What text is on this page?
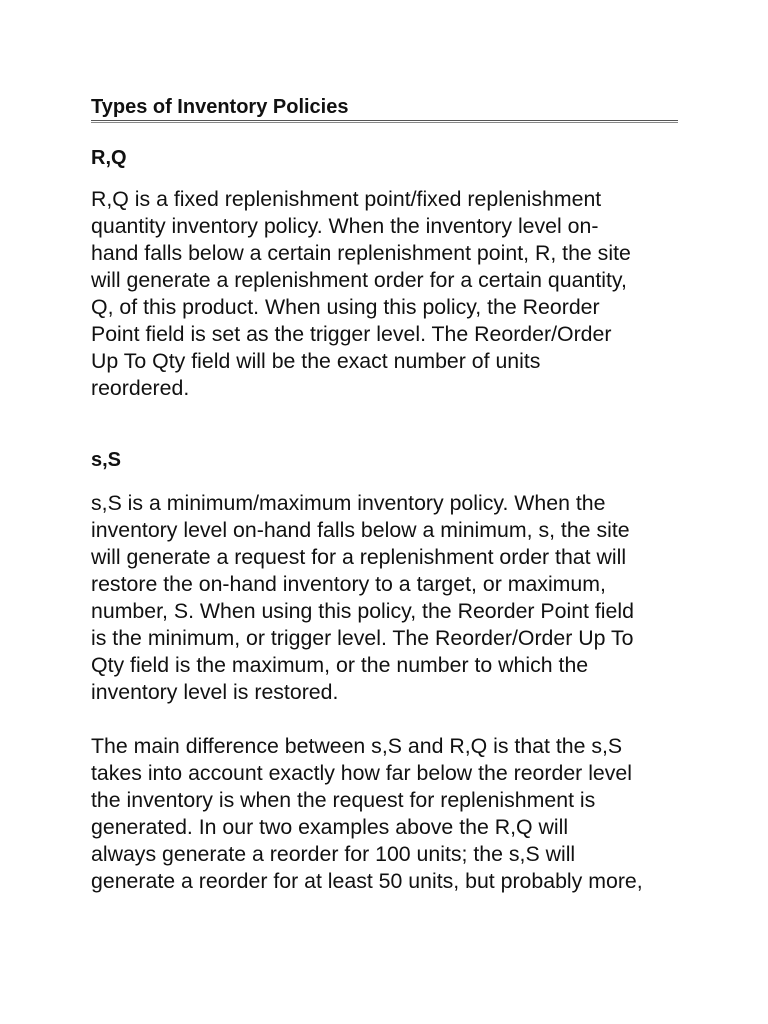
Types of Inventory Policies
R,Q
R,Q is a fixed replenishment point/fixed replenishment
quantity inventory policy. When the inventory level on-
hand falls below a certain replenishment point, R, the site
will generate a replenishment order for a certain quantity,
Q, of this product. When using this policy, the Reorder
Point field is set as the trigger level. The Reorder/Order
Up To Qty field will be the exact number of units
reordered.
s,S
s,S is a minimum/maximum inventory policy. When the
inventory level on-hand falls below a minimum, s, the site
will generate a request for a replenishment order that will
restore the on-hand inventory to a target, or maximum,
number, S. When using this policy, the Reorder Point field
is the minimum, or trigger level. The Reorder/Order Up To
Qty field is the maximum, or the number to which the
inventory level is restored.
The main difference between s,S and R,Q is that the s,S
takes into account exactly how far below the reorder level
the inventory is when the request for replenishment is
generated. In our two examples above the R,Q will
always generate a reorder for 100 units; the s,S will
generate a reorder for at least 50 units, but probably more,
